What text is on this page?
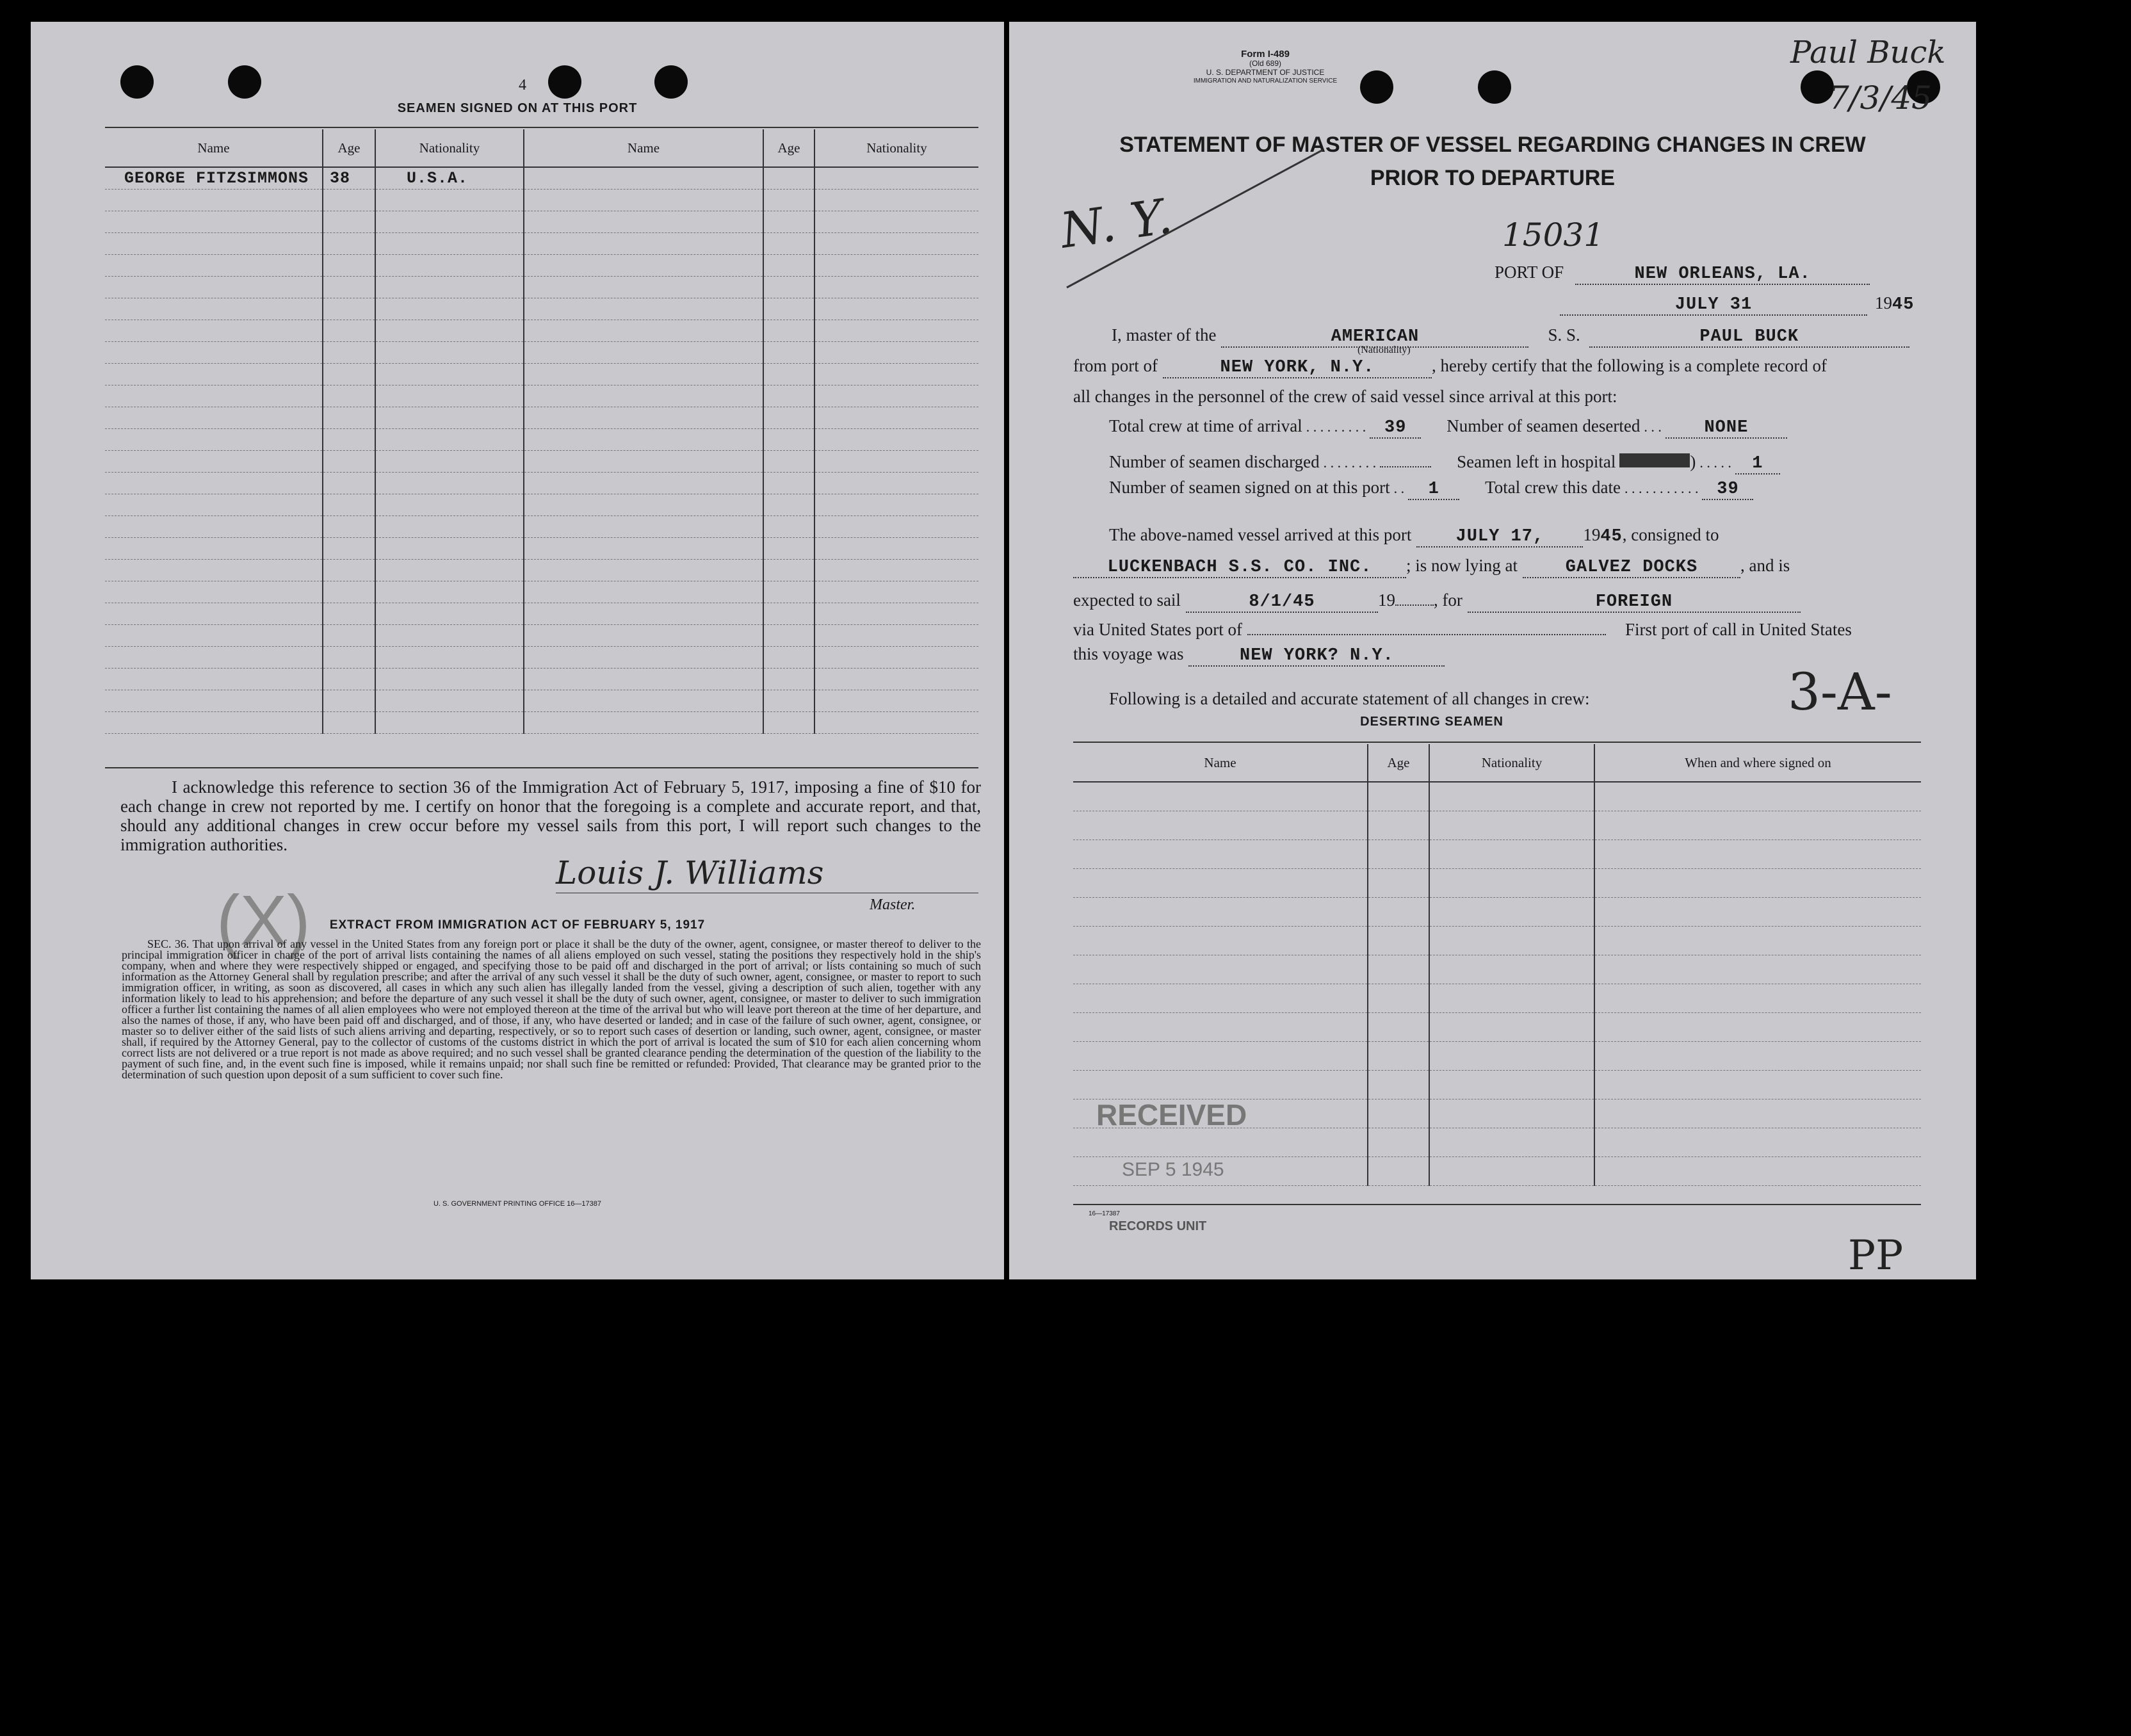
4
SEAMEN SIGNED ON AT THIS PORT
Name	Age	Nationality	Name	Age	Nationality
GEORGE FITZSIMMONS	38	U.S.A.			

I acknowledge this reference to section 36 of the Immigration Act of February 5, 1917, imposing a fine of $10 for each change in crew not reported by me. I certify on honor that the foregoing is a complete and accurate report, and that, should any additional changes in crew occur before my vessel sails from this port, I will report such changes to the immigration authorities.
(X)
Louis J. Williams
Master.
EXTRACT FROM IMMIGRATION ACT OF FEBRUARY 5, 1917
SEC. 36. That upon arrival of any vessel in the United States from any foreign port or place it shall be the duty of the owner, agent, consignee, or master thereof to deliver to the principal immigration officer in charge of the port of arrival lists containing the names of all aliens employed on such vessel, stating the positions they respectively hold in the ship's company, when and where they were respectively shipped or engaged, and specifying those to be paid off and discharged in the port of arrival; or lists containing so much of such information as the Attorney General shall by regulation prescribe; and after the arrival of any such vessel it shall be the duty of such owner, agent, consignee, or master to report to such immigration officer, in writing, as soon as discovered, all cases in which any such alien has illegally landed from the vessel, giving a description of such alien, together with any information likely to lead to his apprehension; and before the departure of any such vessel it shall be the duty of such owner, agent, consignee, or master to deliver to such immigration officer a further list containing the names of all alien employees who were not employed thereon at the time of the arrival but who will leave port thereon at the time of her departure, and also the names of those, if any, who have been paid off and discharged, and of those, if any, who have deserted or landed; and in case of the failure of such owner, agent, consignee, or master so to deliver either of the said lists of such aliens arriving and departing, respectively, or so to report such cases of desertion or landing, such owner, agent, consignee, or master shall, if required by the Attorney General, pay to the collector of customs of the customs district in which the port of arrival is located the sum of $10 for each alien concerning whom correct lists are not delivered or a true report is not made as above required; and no such vessel shall be granted clearance pending the determination of the question of the liability to the payment of such fine, and, in the event such fine is imposed, while it remains unpaid; nor shall such fine be remitted or refunded: Provided, That clearance may be granted prior to the determination of such question upon deposit of a sum sufficient to cover such fine.
U. S. GOVERNMENT PRINTING OFFICE 16—17387
Form I-489
(Old 689)
U. S. DEPARTMENT OF JUSTICE
IMMIGRATION AND NATURALIZATION SERVICE
Paul Buck
7/3/45
STATEMENT OF MASTER OF VESSEL REGARDING CHANGES IN CREW
PRIOR TO DEPARTURE
N. Y.	15031
PORT OF	NEW ORLEANS, LA.
JULY 31	19 45
I, master of the	AMERICAN	S. S.	PAUL BUCK
(Nationality)
from port of	NEW YORK, N.Y.	, hereby certify that the following is a complete record of
all changes in the personnel of the crew of said vessel since arrival at this port:
Total crew at time of arrival . . . . . . . . .	39	Number of seamen deserted . . .	NONE
Number of seamen discharged . . . . . . . .	Seamen left in hospital	) . . . . .	1
Number of seamen signed on at this port . .	1	Total crew this date . . . . . . . . . . .	39
The above-named vessel arrived at this port	JULY 17,	19 45 , consigned to
LUCKENBACH S.S. CO. INC.	; is now lying at	GALVEZ DOCKS	, and is
expected to sail	8/1/45	19 , for	FOREIGN
via United States port of	First port of call in United States
this voyage was	NEW YORK? N.Y.
Following is a detailed and accurate statement of all changes in crew:	3-A-
DESERTING SEAMEN
Name	Age	Nationality	When and where signed on

RECEIVED
SEP 5 1945
16—17387
RECORDS UNIT
PP
